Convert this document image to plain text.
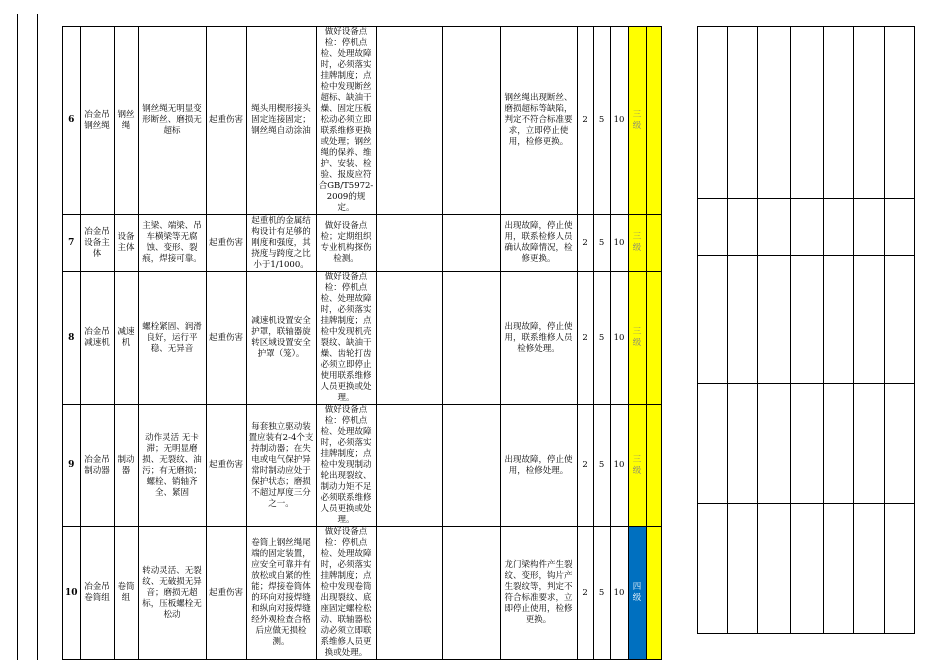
6	冶金吊钢丝绳	钢丝绳	钢丝绳无明显变形断丝、磨损无超标	起重伤害	绳头用楔形接头固定连接固定；钢丝绳自动涂油	做好设备点检：停机点检、处理故障时，必须落实挂牌制度；点检中发现断丝超标、缺油干燥、固定压板松动必须立即联系维修更换或处理；钢丝绳的保养、维护、安装、检验、报废应符合GB/T5972-2009的规定。			钢丝绳出现断丝、磨损超标等缺陷，判定不符合标准要求，立即停止使用，检修更换。	2	5	10	三级	
7	冶金吊设备主体	设备主体	主梁、端梁、吊车横梁等无腐蚀、变形、裂痕，焊接可靠。	起重伤害	起重机的金属结构设计有足够的刚度和强度，其挠度与跨度之比小于1/1000。	做好设备点检；定期组织专业机构探伤检测。			出现故障，停止使用，联系检修人员确认故障情况，检修更换。	2	5	10	三级	
8	冶金吊减速机	减速机	螺栓紧固、润滑良好，运行平稳、无异音	起重伤害	减速机设置安全护罩，联轴器旋转区域设置安全护罩（笼）。	做好设备点检：停机点检、处理故障时，必须落实挂牌制度；点检中发现机壳裂纹、缺油干燥、齿轮打齿必须立即停止使用联系维修人员更换或处理。			出现故障，停止使用，联系维修人员检修处理。	2	5	10	三级	
9	冶金吊制动器	制动器	动作灵活 无卡滞；无明显磨损、无裂纹、油污；有无磨损；螺栓、销轴齐全、紧固	起重伤害	每套独立驱动装置应装有2-4个支持制动器；在失电或电气保护异常时制动应处于保护状态；磨损不超过厚度三分之一。	做好设备点检：停机点检、处理故障时，必须落实挂牌制度；点检中发现制动轮出现裂纹、制动力矩不足必须联系维修人员更换或处理。			出现故障，停止使用，检修处理。	2	5	10	三级	
10	冶金吊卷筒组	卷筒组	转动灵活、无裂纹、无破损无异音；磨损无超标，压板螺栓无松动	起重伤害	卷筒上钢丝绳尾端的固定装置，应安全可靠并有放松或自紧的性能；焊接卷筒体的环向对接焊缝和纵向对接焊缝经外观检查合格后应做无损检测。	做好设备点检：停机点检、处理故障时，必须落实挂牌制度；点检中发现卷筒出现裂纹、底座固定螺栓松动、联轴器松动必须立即联系维修人员更换或处理。			龙门梁构件产生裂纹、变形，钩片产生裂纹等，判定不符合标准要求，立即停止使用，检修更换。	2	5	10	四级	
